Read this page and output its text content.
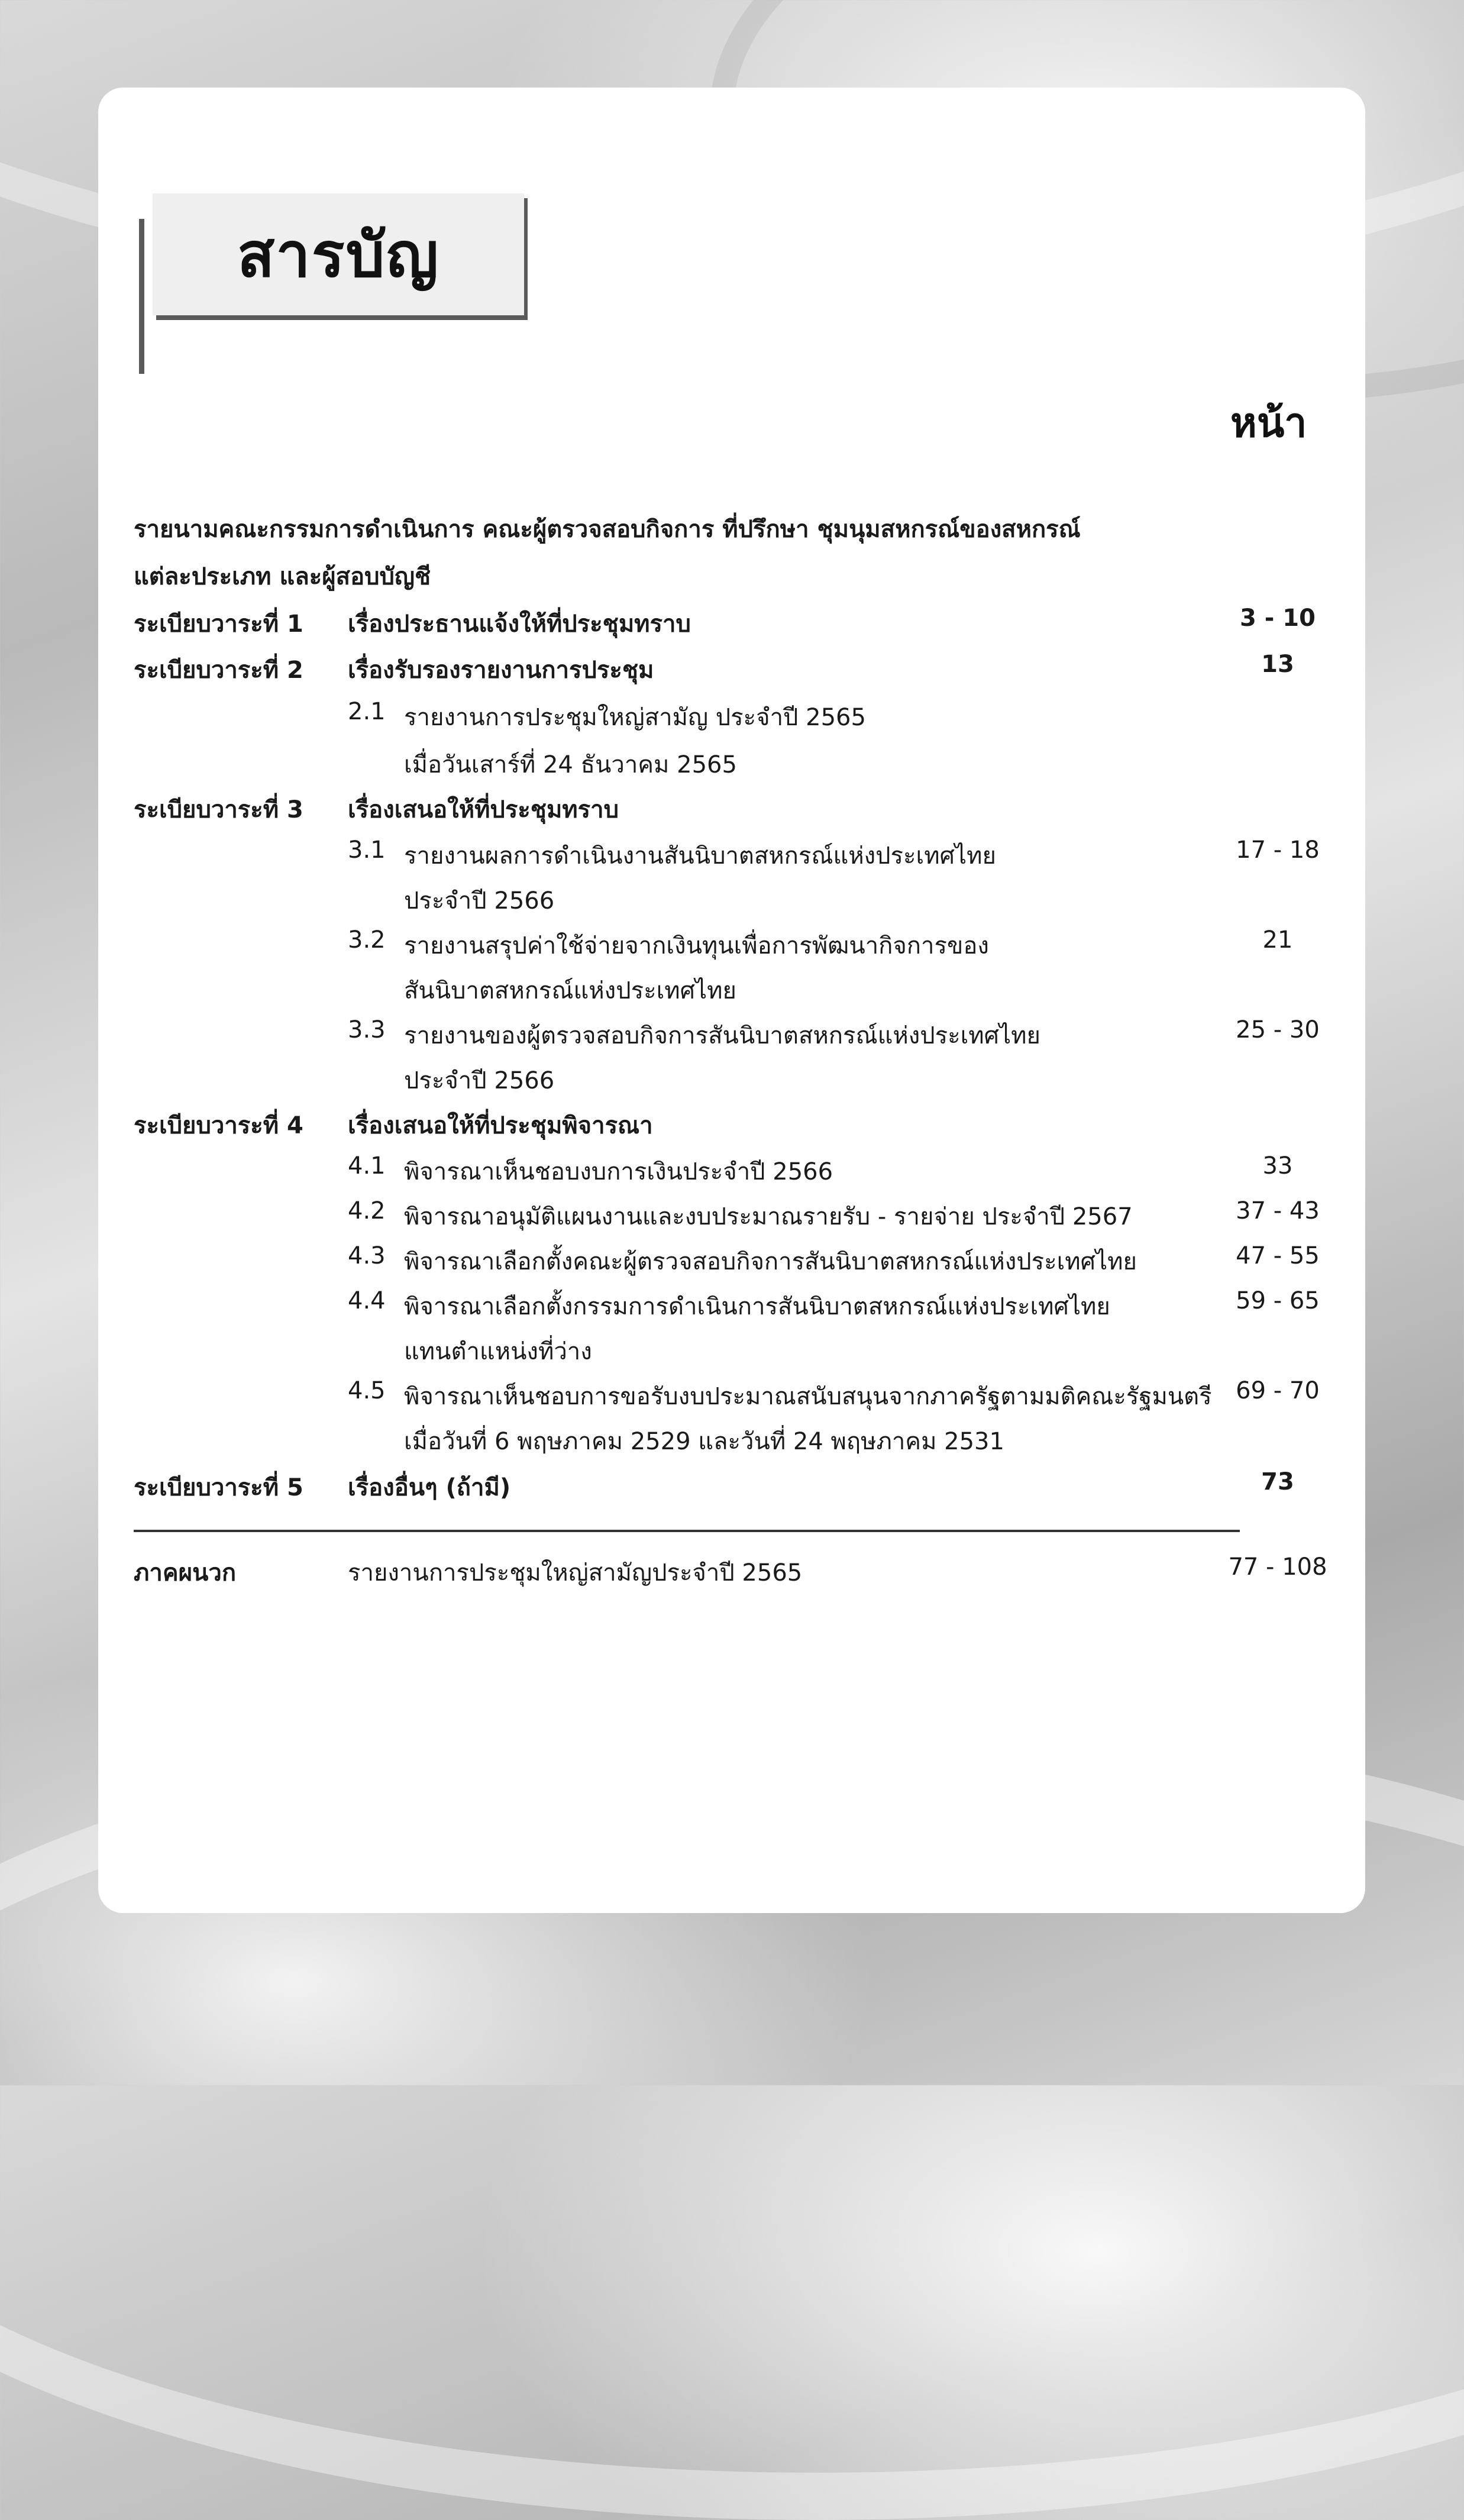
สารบัญ
หน้า
รายนามคณะกรรมการดำเนินการ คณะผู้ตรวจสอบกิจการ ที่ปรึกษา ชุมนุมสหกรณ์ของสหกรณ์
แต่ละประเภท และผู้สอบบัญชี
ระเบียบวาระที่ 1 เรื่องประธานแจ้งให้ที่ประชุมทราบ	3 - 10
ระเบียบวาระที่ 2 เรื่องรับรองรายงานการประชุม	13
2.1 รายงานการประชุมใหญ่สามัญ ประจำปี 2565
เมื่อวันเสาร์ที่ 24 ธันวาคม 2565
ระเบียบวาระที่ 3 เรื่องเสนอให้ที่ประชุมทราบ
3.1 รายงานผลการดำเนินงานสันนิบาตสหกรณ์แห่งประเทศไทย	17 - 18
ประจำปี 2566
3.2 รายงานสรุปค่าใช้จ่ายจากเงินทุนเพื่อการพัฒนากิจการของ	21
สันนิบาตสหกรณ์แห่งประเทศไทย
3.3 รายงานของผู้ตรวจสอบกิจการสันนิบาตสหกรณ์แห่งประเทศไทย	25 - 30
ประจำปี 2566
ระเบียบวาระที่ 4 เรื่องเสนอให้ที่ประชุมพิจารณา
4.1 พิจารณาเห็นชอบงบการเงินประจำปี 2566	33
4.2 พิจารณาอนุมัติแผนงานและงบประมาณรายรับ - รายจ่าย ประจำปี 2567	37 - 43
4.3 พิจารณาเลือกตั้งคณะผู้ตรวจสอบกิจการสันนิบาตสหกรณ์แห่งประเทศไทย	47 - 55
4.4 พิจารณาเลือกตั้งกรรมการดำเนินการสันนิบาตสหกรณ์แห่งประเทศไทย	59 - 65
แทนตำแหน่งที่ว่าง
4.5 พิจารณาเห็นชอบการขอรับงบประมาณสนับสนุนจากภาครัฐตามมติคณะรัฐมนตรี	69 - 70
เมื่อวันที่ 6 พฤษภาคม 2529 และวันที่ 24 พฤษภาคม 2531
ระเบียบวาระที่ 5 เรื่องอื่นๆ (ถ้ามี)	73
ภาคผนวก	รายงานการประชุมใหญ่สามัญประจำปี 2565	77 - 108
